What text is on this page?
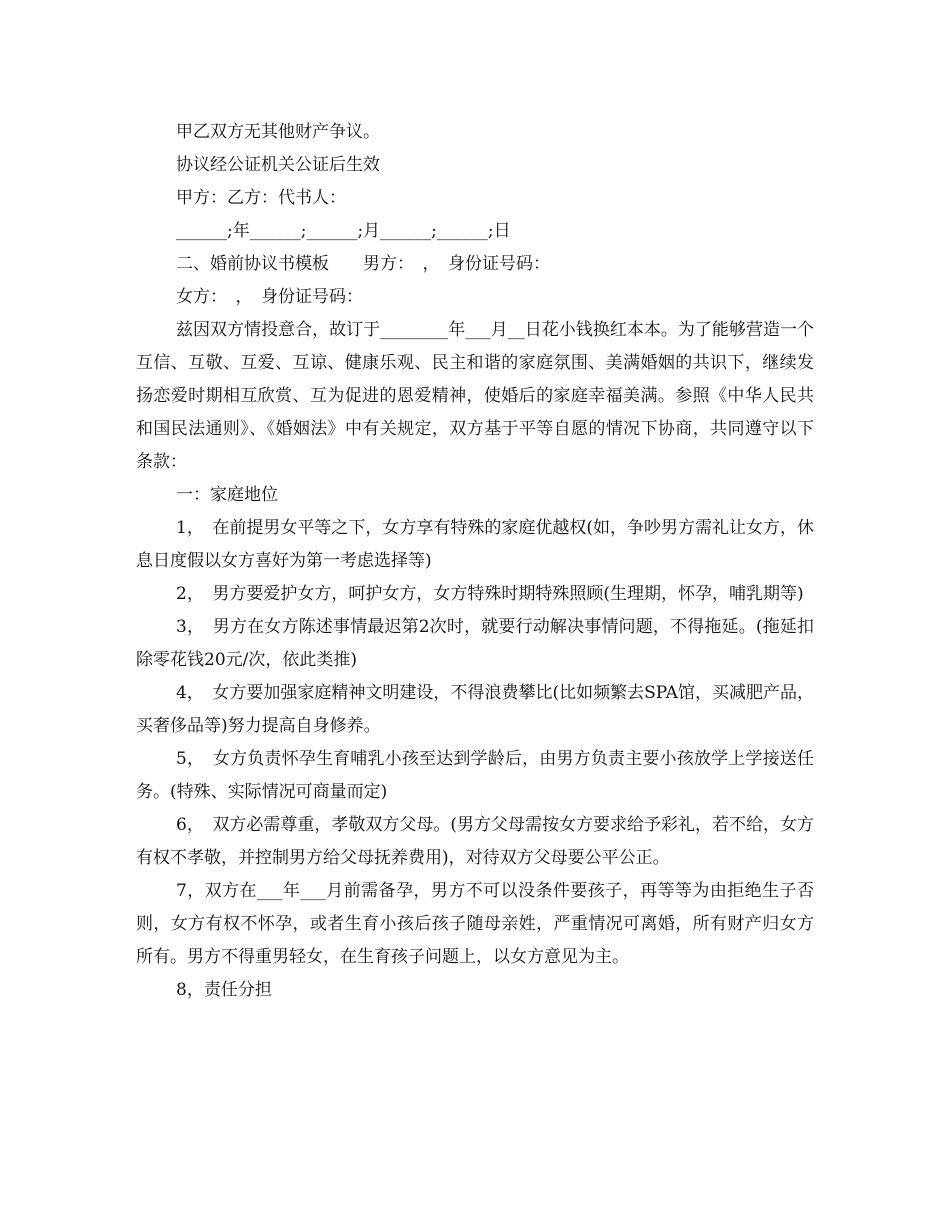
甲乙双方无其他财产争议。

协议经公证机关公证后生效

甲方：乙方：代书人：

______;年______;______;月______;______;日

二、婚前协议书模板　　男方：　，　身份证号码：

女方：　，　身份证号码：

兹因双方情投意合，故订于________年___月__日花小钱换红本本。为了能够营造一个互信、互敬、互爱、互谅、健康乐观、民主和谐的家庭氛围、美满婚姻的共识下，继续发扬恋爱时期相互欣赏、互为促进的恩爱精神，使婚后的家庭幸福美满。参照《中华人民共和国民法通则》、《婚姻法》中有关规定，双方基于平等自愿的情况下协商，共同遵守以下条款：

一：家庭地位

1，　在前提男女平等之下，女方享有特殊的家庭优越权(如，争吵男方需礼让女方，休息日度假以女方喜好为第一考虑选择等)

2，　男方要爱护女方，呵护女方，女方特殊时期特殊照顾(生理期，怀孕，哺乳期等)

3，　男方在女方陈述事情最迟第2次时，就要行动解决事情问题，不得拖延。(拖延扣除零花钱20元/次，依此类推)

4，　女方要加强家庭精神文明建设，不得浪费攀比(比如频繁去SPA馆，买减肥产品，买奢侈品等)努力提高自身修养。

5，　女方负责怀孕生育哺乳小孩至达到学龄后，由男方负责主要小孩放学上学接送任务。(特殊、实际情况可商量而定)

6，　双方必需尊重，孝敬双方父母。(男方父母需按女方要求给予彩礼，若不给，女方有权不孝敬，并控制男方给父母抚养费用)，对待双方父母要公平公正。

7，双方在___年___月前需备孕，男方不可以没条件要孩子，再等等为由拒绝生子否则，女方有权不怀孕，或者生育小孩后孩子随母亲姓，严重情况可离婚，所有财产归女方所有。男方不得重男轻女，在生育孩子问题上，以女方意见为主。

8，责任分担
